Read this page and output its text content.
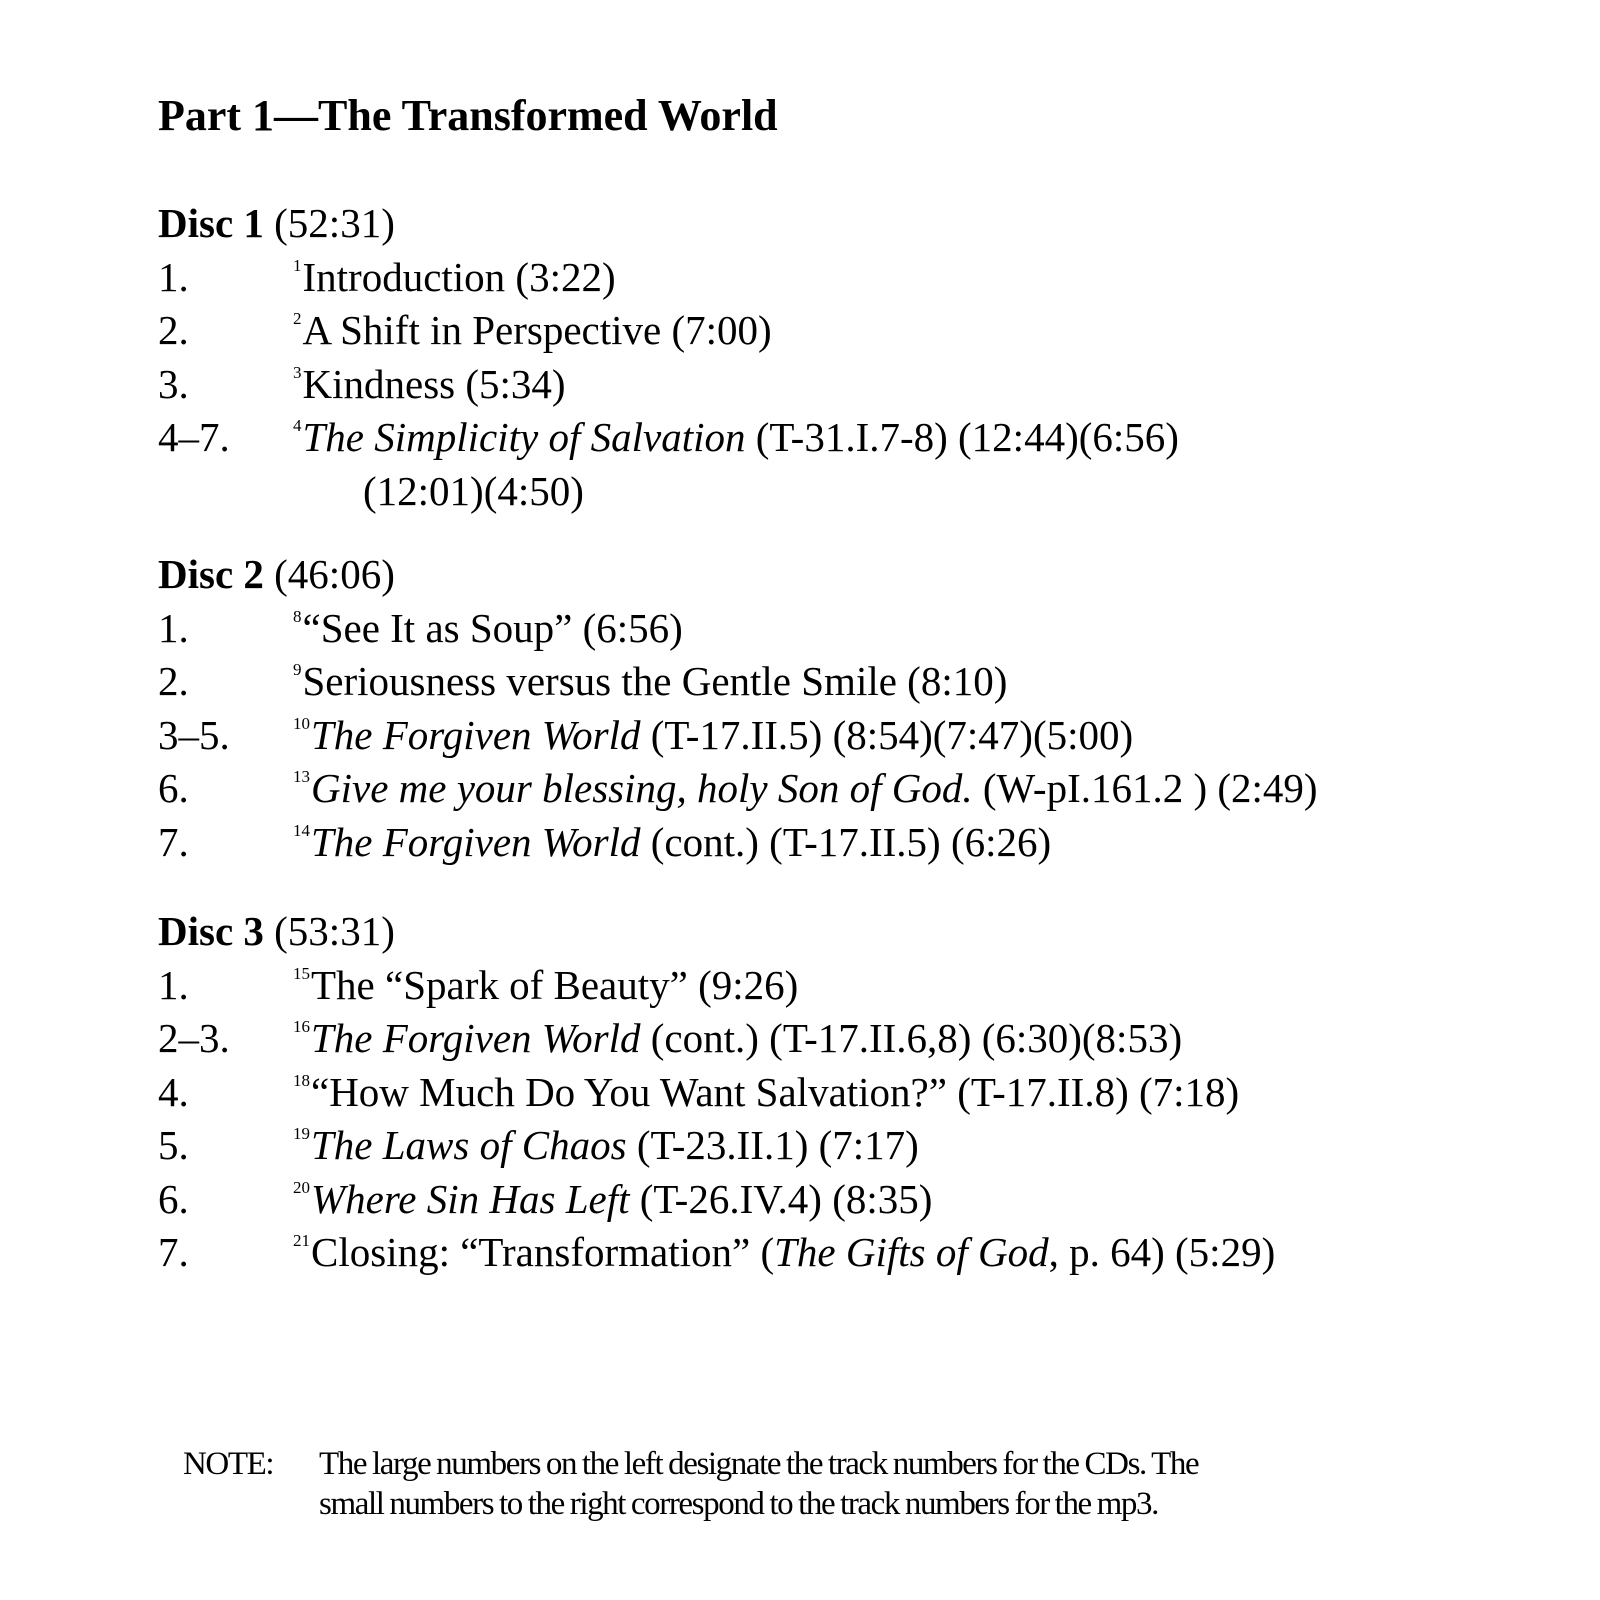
Part 1—The Transformed World
Disc 1 (52:31)
1.	$^1$Introduction (3:22)
2.	$^2$A Shift in Perspective (7:00)
3.	$^3$Kindness (5:34)
4–7.	$^4$The Simplicity of Salvation (T-31.I.7-8) (12:44)(6:56)
(12:01)(4:50)
Disc 2 (46:06)
1.	$^8$“See It as Soup” (6:56)
2.	$^9$Seriousness versus the Gentle Smile (8:10)
3–5.	$^{10}$The Forgiven World (T-17.II.5) (8:54)(7:47)(5:00)
6.	$^{13}$Give me your blessing, holy Son of God. (W-pI.161.2 ) (2:49)
7.	$^{14}$The Forgiven World (cont.) (T-17.II.5) (6:26)
Disc 3 (53:31)
1.	$^{15}$The “Spark of Beauty” (9:26)
2–3.	$^{16}$The Forgiven World (cont.) (T-17.II.6,8) (6:30)(8:53)
4.	$^{18}$“How Much Do You Want Salvation?” (T-17.II.8) (7:18)
5.	$^{19}$The Laws of Chaos (T-23.II.1) (7:17)
6.	$^{20}$Where Sin Has Left (T-26.IV.4) (8:35)
7.	$^{21}$Closing: “Transformation” (The Gifts of God, p. 64) (5:29)
NOTE: The large numbers on the left designate the track numbers for the CDs. The
small numbers to the right correspond to the track numbers for the mp3.
